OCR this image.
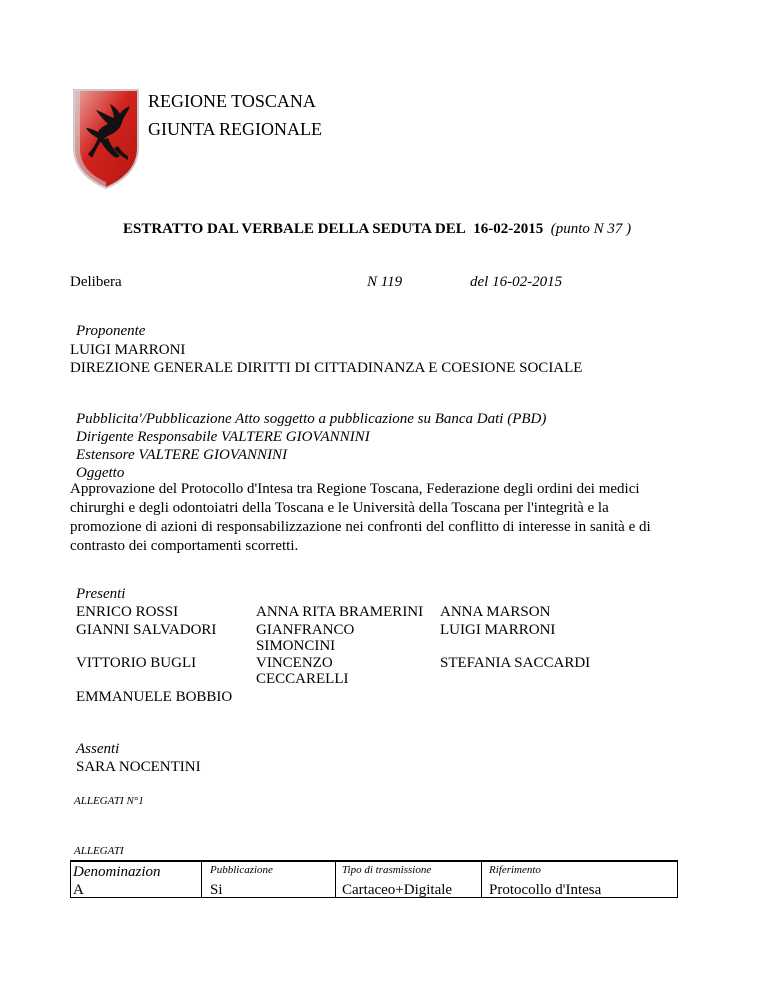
REGIONE TOSCANA
GIUNTA REGIONALE
ESTRATTO DAL VERBALE DELLA SEDUTA DEL 16-02-2015 (punto N 37 )
Delibera	N 119	del 16-02-2015
Proponente
LUIGI MARRONI
DIREZIONE GENERALE DIRITTI DI CITTADINANZA E COESIONE SOCIALE
Pubblicita'/Pubblicazione Atto soggetto a pubblicazione su Banca Dati (PBD)
Dirigente Responsabile VALTERE GIOVANNINI
Estensore VALTERE GIOVANNINI
Oggetto
Approvazione del Protocollo d'Intesa tra Regione Toscana, Federazione degli ordini dei medici chirurghi e degli odontoiatri della Toscana e le Università della Toscana per l'integrità e la promozione di azioni di responsabilizzazione nei confronti del conflitto di interesse in sanità e di contrasto dei comportamenti scorretti.
Presenti
ENRICO ROSSI
GIANNI SALVADORI
VITTORIO BUGLI
EMMANUELE BOBBIO
ANNA RITA BRAMERINI
GIANFRANCO
SIMONCINI
VINCENZO
CECCARELLI
ANNA MARSON
LUIGI MARRONI
STEFANIA SACCARDI
Assenti
SARA NOCENTINI
ALLEGATI N°1
ALLEGATI
Denominazion
A
Pubblicazione
Si
Tipo di trasmissione
Cartaceo+Digitale
Riferimento
Protocollo d'Intesa
